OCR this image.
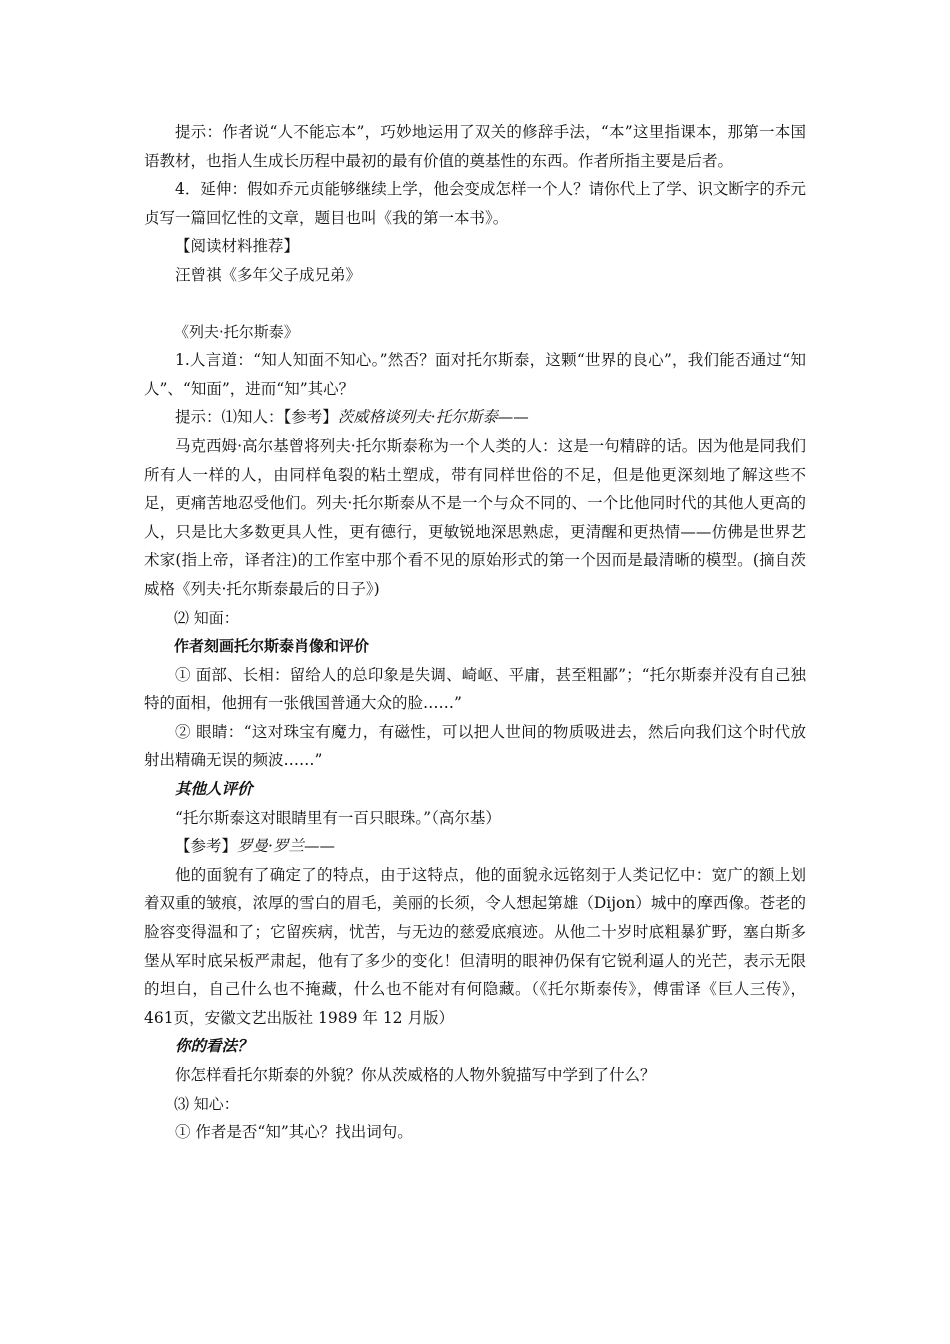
提示：作者说“人不能忘本”，巧妙地运用了双关的修辞手法，“本”这里指课本，那第一本国语教材，也指人生成长历程中最初的最有价值的奠基性的东西。作者所指主要是后者。

4．延伸：假如乔元贞能够继续上学，他会变成怎样一个人？请你代上了学、识文断字的乔元贞写一篇回忆性的文章，题目也叫《我的第一本书》。

【阅读材料推荐】

汪曾祺《多年父子成兄弟》

《列夫·托尔斯泰》

1.人言道：“知人知面不知心。”然否？面对托尔斯泰，这颗“世界的良心”，我们能否通过“知人”、“知面”，进而“知”其心？

提示：⑴知人：【参考】茨威格谈列夫·托尔斯泰——

马克西姆·高尔基曾将列夫·托尔斯泰称为一个人类的人：这是一句精辟的话。因为他是同我们所有人一样的人，由同样龟裂的粘土塑成，带有同样世俗的不足，但是他更深刻地了解这些不足，更痛苦地忍受他们。列夫·托尔斯泰从不是一个与众不同的、一个比他同时代的其他人更高的人，只是比大多数更具人性，更有德行，更敏锐地深思熟虑，更清醒和更热情——仿佛是世界艺术家(指上帝，译者注)的工作室中那个看不见的原始形式的第一个因而是最清晰的模型。(摘自茨威格《列夫·托尔斯泰最后的日子》)

⑵ 知面：

作者刻画托尔斯泰肖像和评价

① 面部、长相：留给人的总印象是失调、崎岖、平庸，甚至粗鄙”；“托尔斯泰并没有自己独特的面相，他拥有一张俄国普通大众的脸……”

② 眼睛：“这对珠宝有魔力，有磁性，可以把人世间的物质吸进去，然后向我们这个时代放射出精确无误的频波……”

其他人评价

“托尔斯泰这对眼睛里有一百只眼珠。”（高尔基）

【参考】罗曼·罗兰——

他的面貌有了确定了的特点，由于这特点，他的面貌永远铭刻于人类记忆中：宽广的额上划着双重的皱痕，浓厚的雪白的眉毛，美丽的长须，令人想起第雄（Dijon）城中的摩西像。苍老的脸容变得温和了；它留疾病，忧苦，与无边的慈爱底痕迹。从他二十岁时底粗暴犷野，塞白斯多堡从军时底呆板严肃起，他有了多少的变化！但清明的眼神仍保有它锐利逼人的光芒，表示无限的坦白，自己什么也不掩藏，什么也不能对有何隐藏。（《托尔斯泰传》，傅雷译《巨人三传》，461页，安徽文艺出版社 1989 年 12 月版）

你的看法？

你怎样看托尔斯泰的外貌？你从茨威格的人物外貌描写中学到了什么？

⑶ 知心：

① 作者是否“知”其心？找出词句。
